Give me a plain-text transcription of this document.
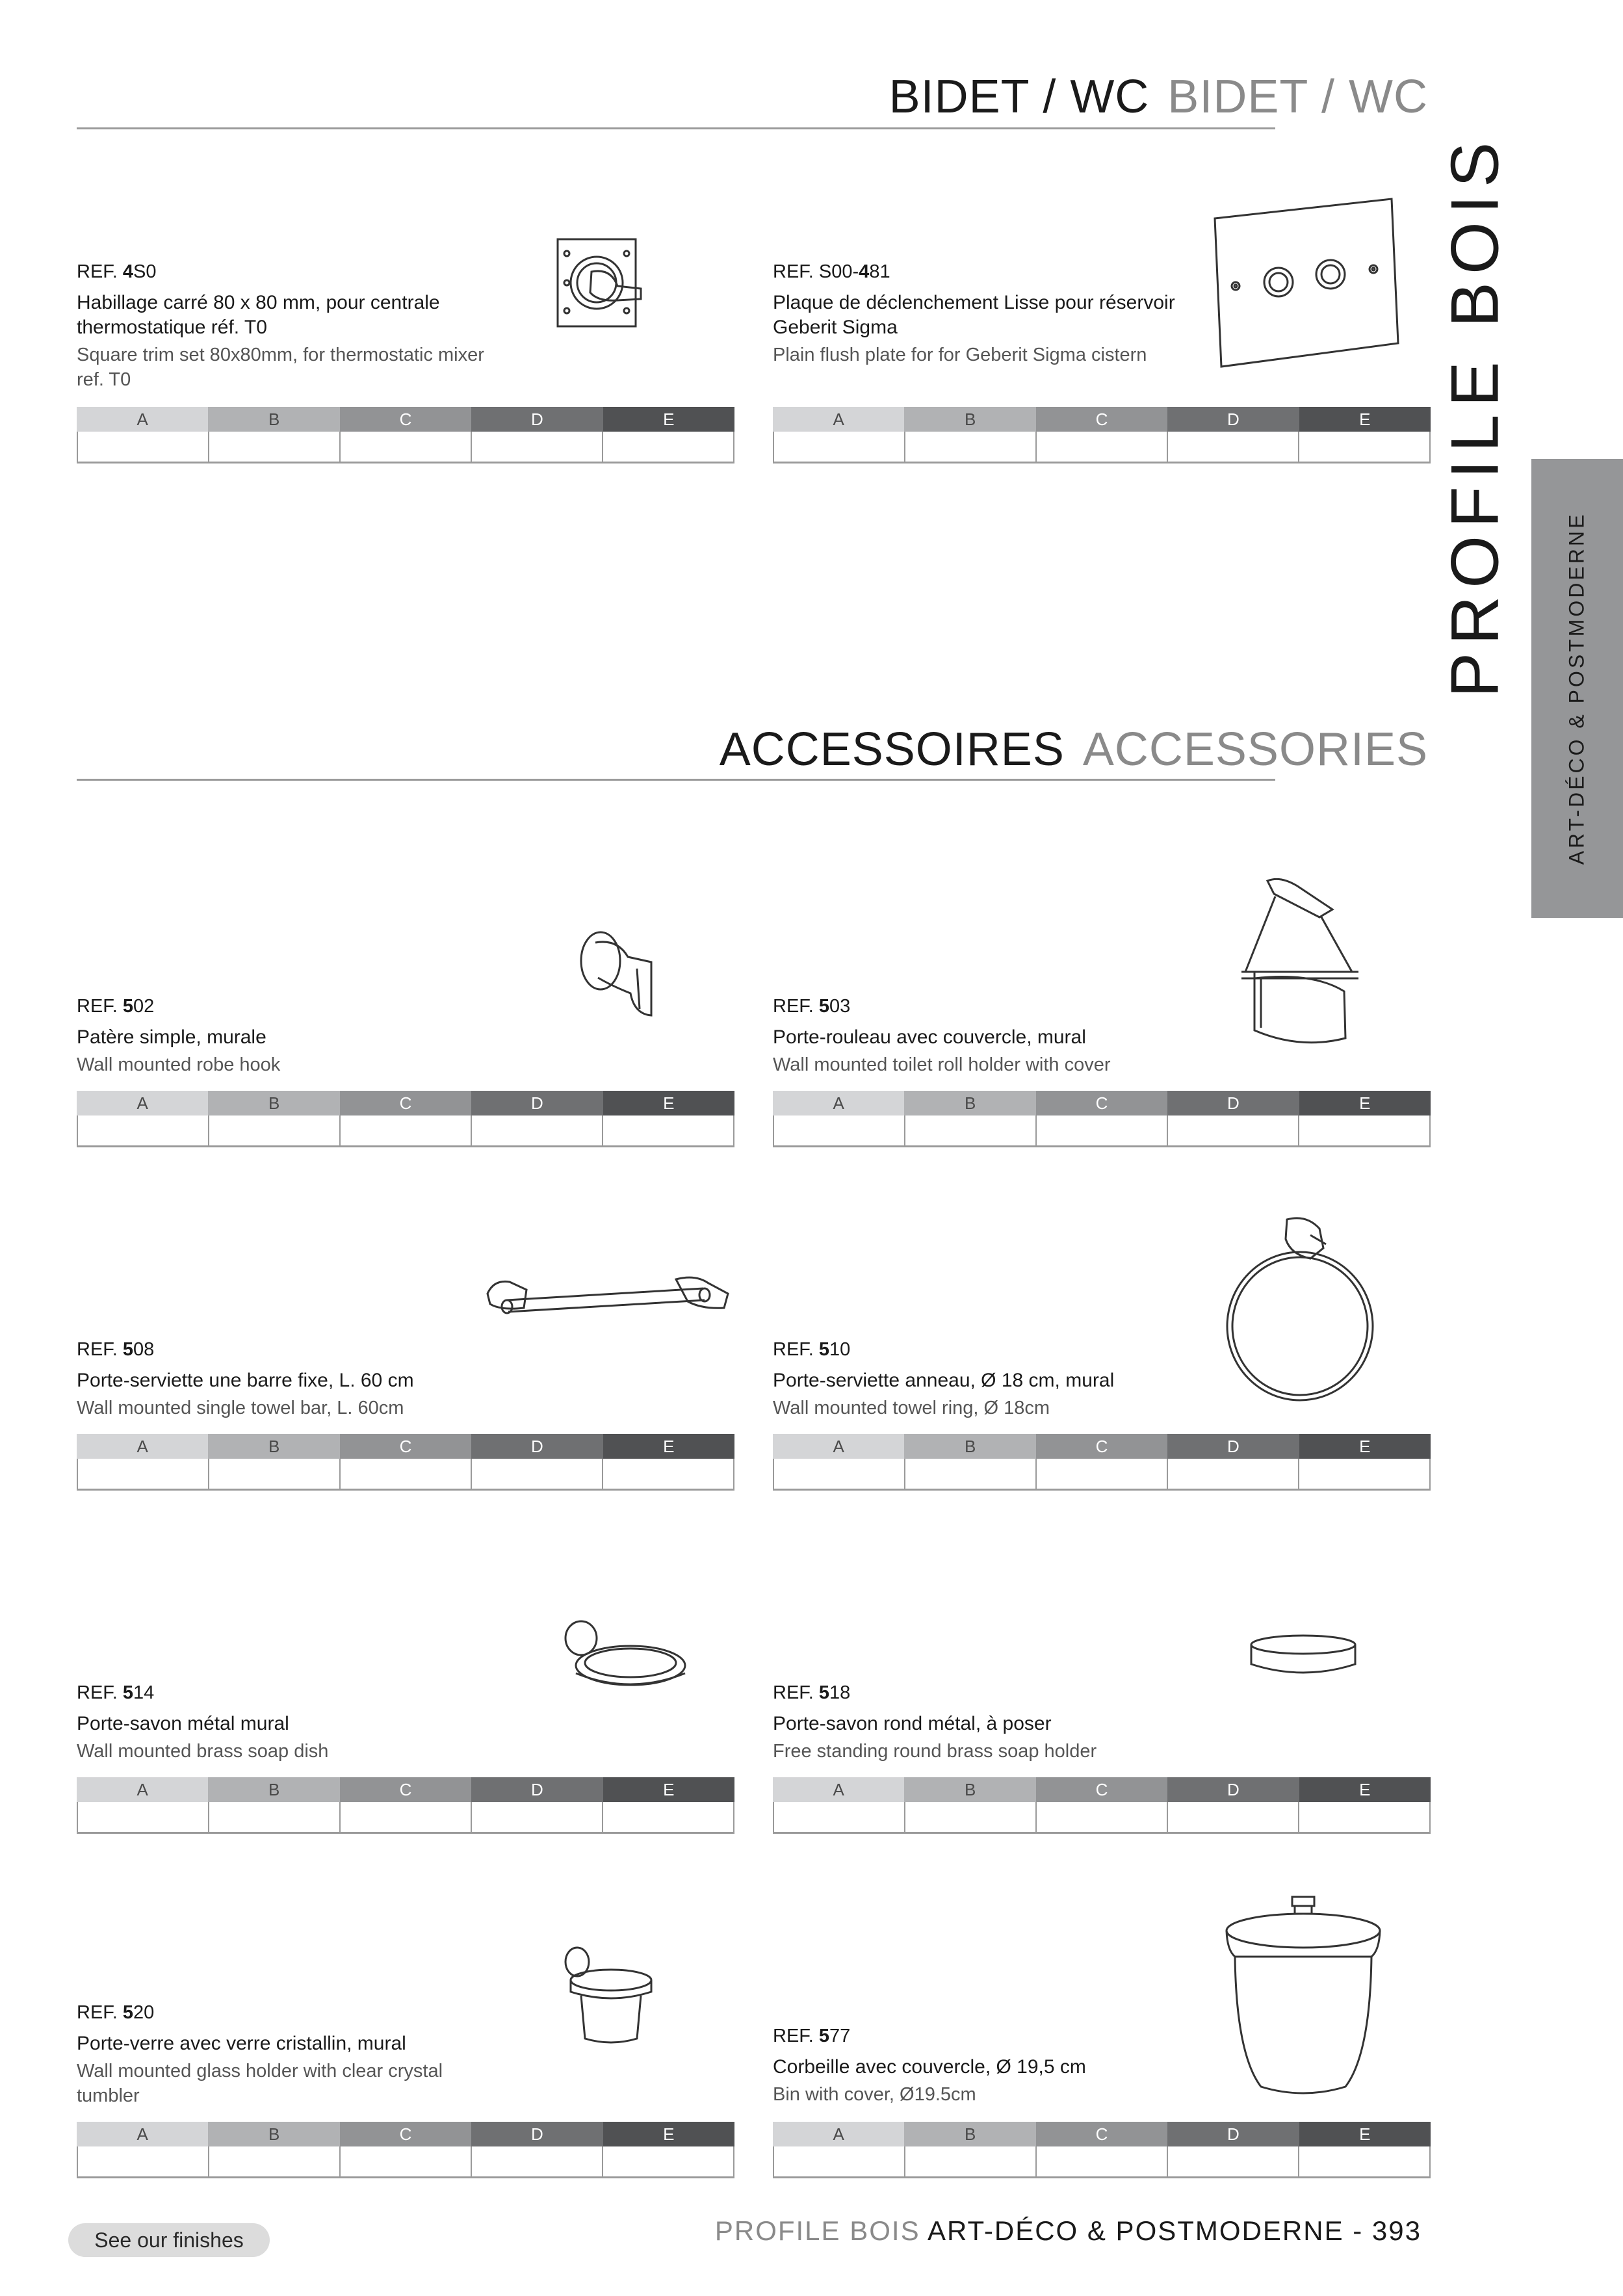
BIDET / WC BIDET / WC
ACCESSOIRES ACCESSORIES
REF. 4S0
Habillage carré 80 x 80 mm, pour centrale thermostatique réf. T0
Square trim set 80x80mm, for thermostatic mixer ref. T0
A	B	C	D	E
REF. S00-481
Plaque de déclenchement Lisse pour réservoir Geberit Sigma
Plain flush plate for for Geberit Sigma cistern
A	B	C	D	E
REF. 502
Patère simple, murale
Wall mounted robe hook
A	B	C	D	E
REF. 503
Porte-rouleau avec couvercle, mural
Wall mounted toilet roll holder with cover
A	B	C	D	E
REF. 508
Porte-serviette une barre fixe, L. 60 cm
Wall mounted single towel bar, L. 60cm
A	B	C	D	E
REF. 510
Porte-serviette anneau, Ø 18 cm, mural
Wall mounted towel ring, Ø 18cm
A	B	C	D	E
REF. 514
Porte-savon métal mural
Wall mounted brass soap dish
A	B	C	D	E
REF. 518
Porte-savon rond métal, à poser
Free standing round brass soap holder
A	B	C	D	E
REF. 520
Porte-verre avec verre cristallin, mural
Wall mounted glass holder with clear crystal tumbler
A	B	C	D	E
REF. 577
Corbeille avec couvercle, Ø 19,5 cm
Bin with cover, Ø19.5cm
A	B	C	D	E
PROFILE BOIS	ART-DÉCO & POSTMODERNE
See our finishes	PROFILE BOIS ART-DÉCO & POSTMODERNE - 393
